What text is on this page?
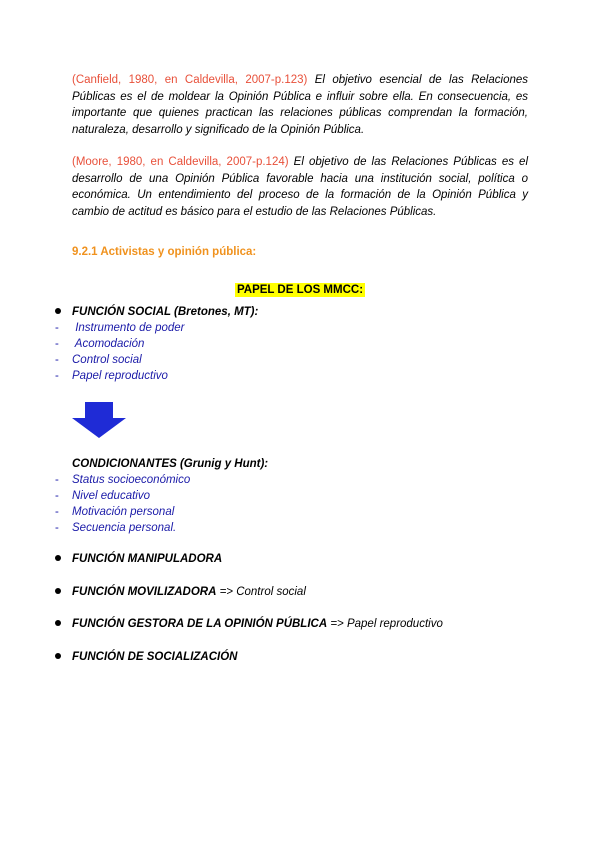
(Canfield, 1980, en Caldevilla, 2007-p.123) El objetivo esencial de las Relaciones Públicas es el de moldear la Opinión Pública e influir sobre ella. En consecuencia, es importante que quienes practican las relaciones públicas comprendan la formación, naturaleza, desarrollo y significado de la Opinión Pública.
(Moore, 1980, en Caldevilla, 2007-p.124) El objetivo de las Relaciones Públicas es el desarrollo de una Opinión Pública favorable hacia una institución social, política o económica. Un entendimiento del proceso de la formación de la Opinión Pública y cambio de actitud es básico para el estudio de las Relaciones Públicas.
9.2.1 Activistas y opinión pública:
PAPEL DE LOS MMCC:
FUNCIÓN SOCIAL (Bretones, MT):
- Instrumento de poder
- Acomodación
- Control social
- Papel reproductivo
CONDICIONANTES (Grunig y Hunt):
- Status socioeconómico
- Nivel educativo
- Motivación personal
- Secuencia personal.
FUNCIÓN MANIPULADORA
FUNCIÓN MOVILIZADORA => Control social
FUNCIÓN GESTORA DE LA OPINIÓN PÚBLICA => Papel reproductivo
FUNCIÓN DE SOCIALIZACIÓN
